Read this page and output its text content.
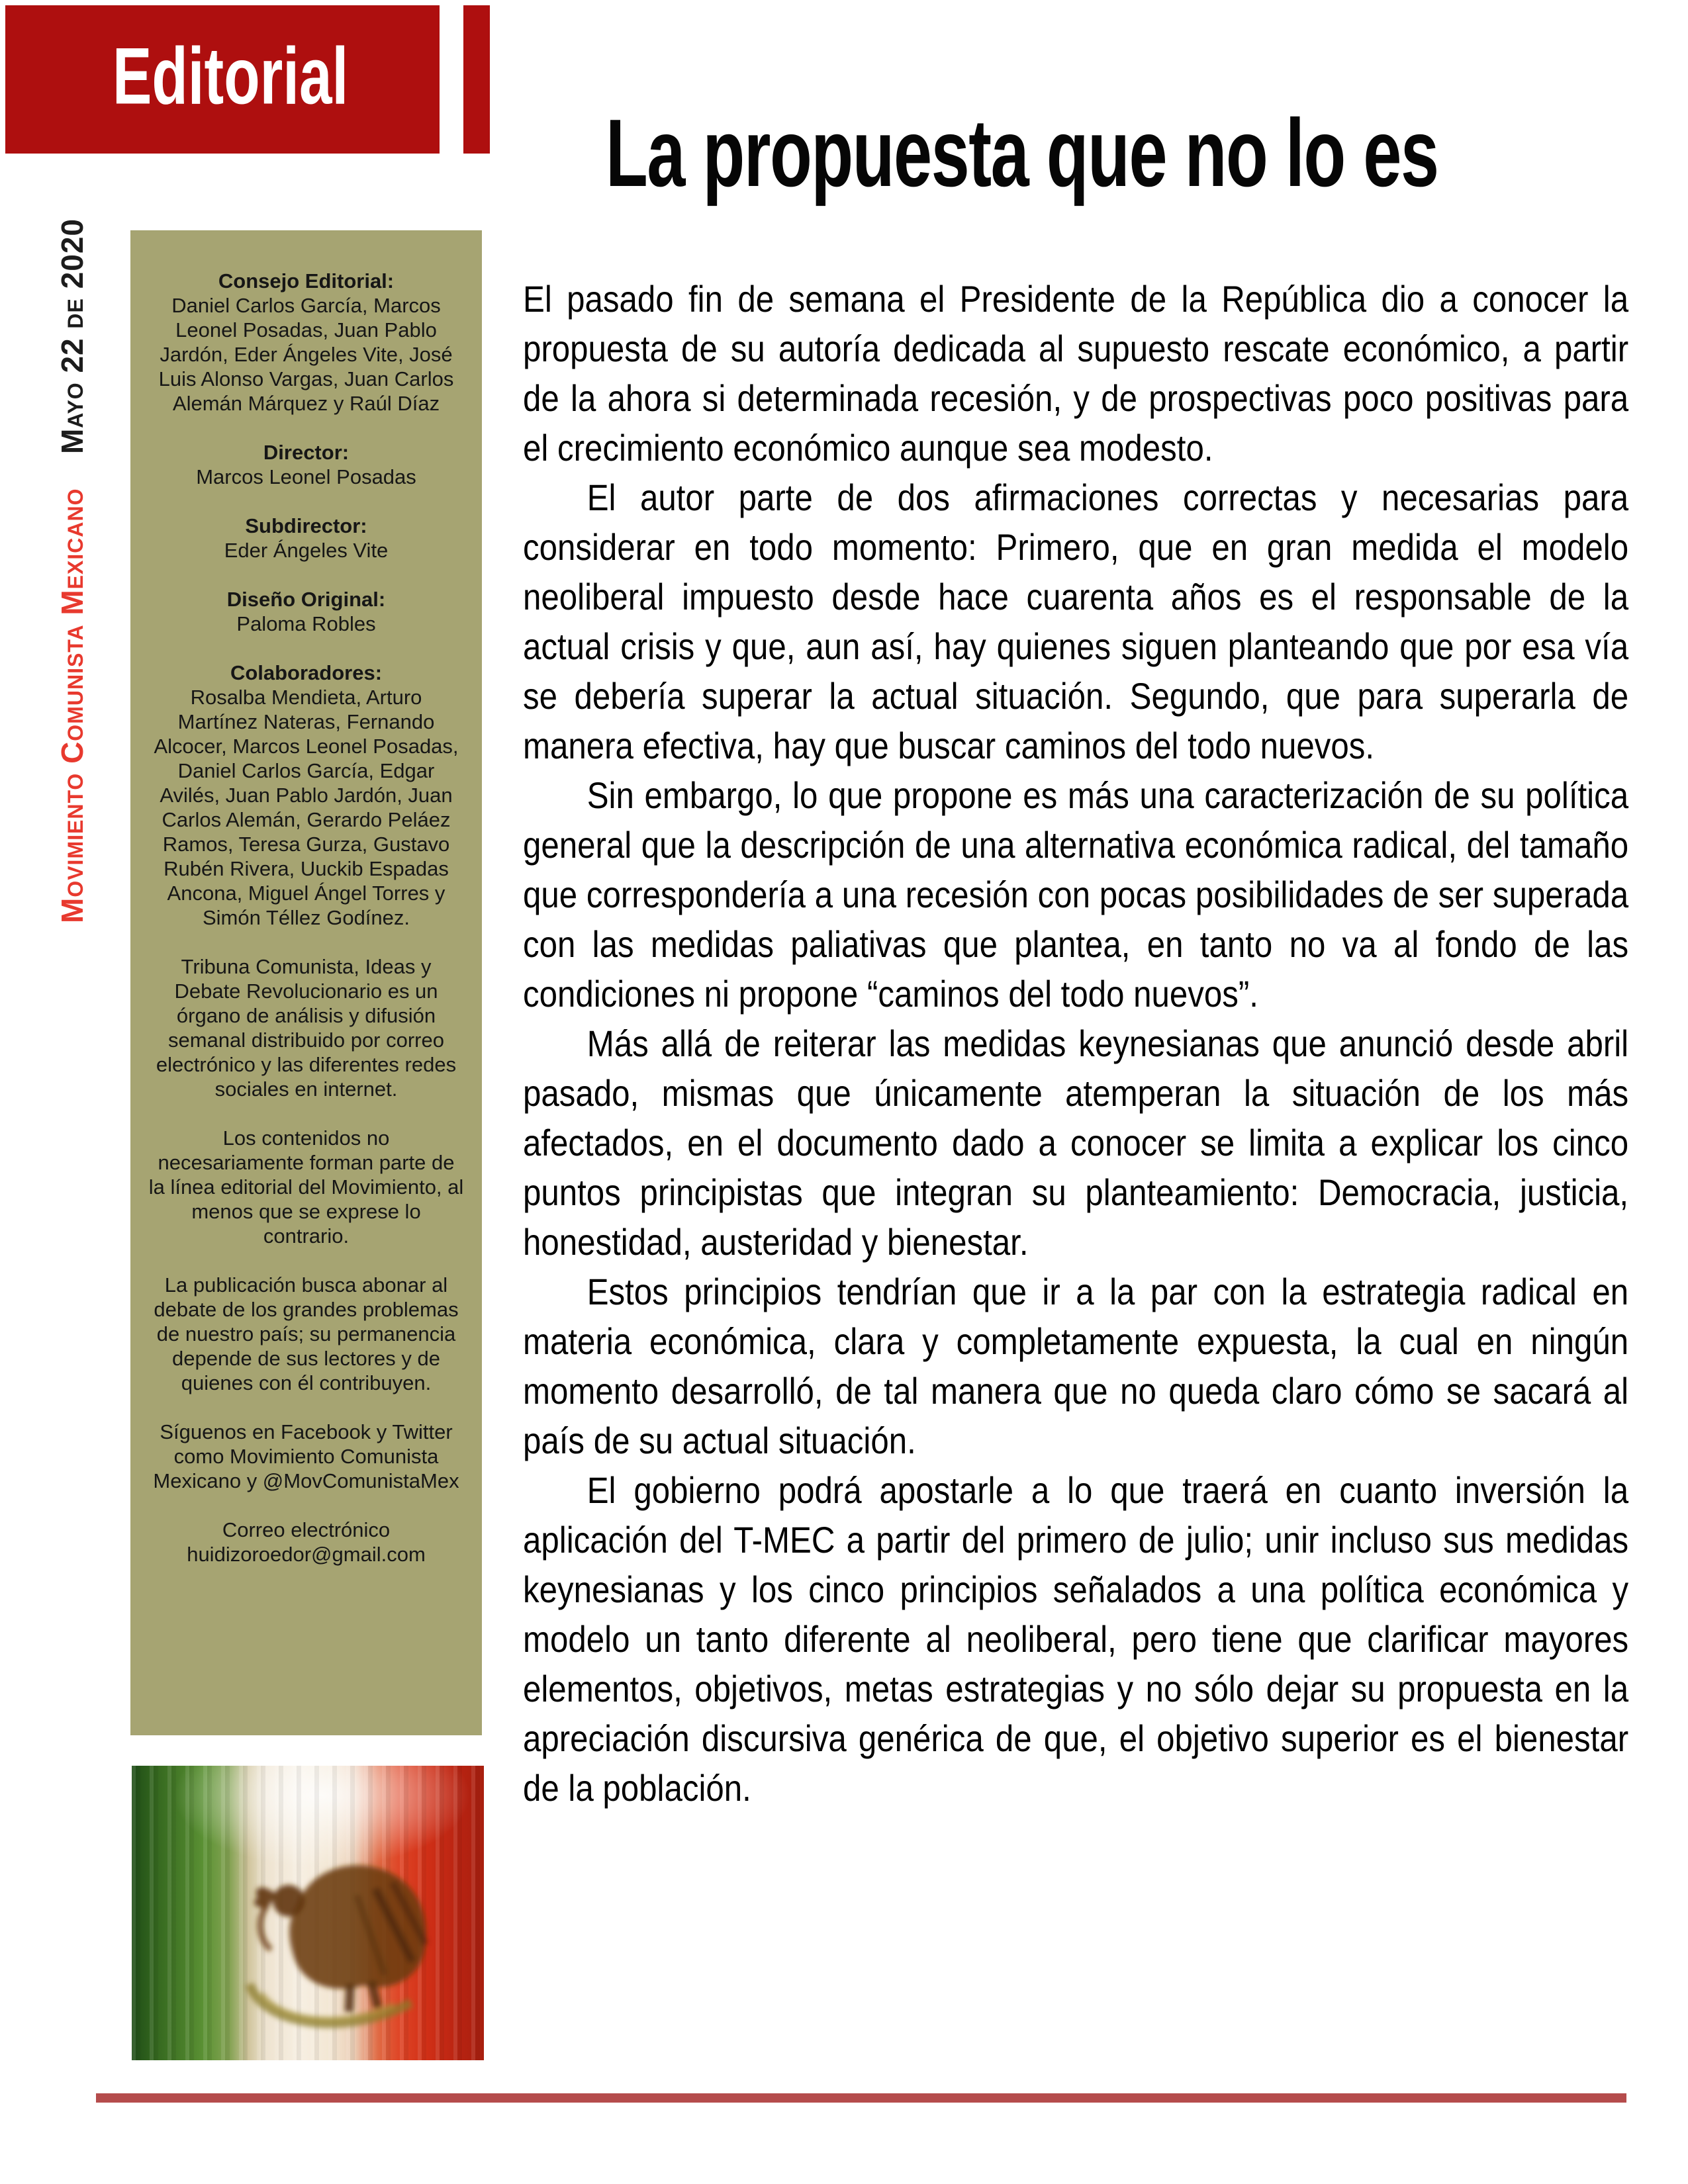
Editorial
La propuesta que no lo es
Movimiento Comunista Mexicano
Mayo 22 de 2020	Consejo Editorial:
Daniel Carlos García, Marcos Leonel Posadas, Juan Pablo Jardón, Eder Ángeles Vite, José Luis Alonso Vargas, Juan Carlos Alemán Márquez y Raúl Díaz
Director:
Marcos Leonel Posadas
Subdirector:
Eder Ángeles Vite
Diseño Original:
Paloma Robles
Colaboradores:
Rosalba Mendieta, Arturo Martínez Nateras, Fernando Alcocer, Marcos Leonel Posadas, Daniel Carlos García, Edgar Avilés, Juan Pablo Jardón, Juan Carlos Alemán, Gerardo Peláez Ramos, Teresa Gurza, Gustavo Rubén Rivera, Uuckib Espadas Ancona, Miguel Ángel Torres y Simón Téllez Godínez.
Tribuna Comunista, Ideas y Debate Revolucionario es un órgano de análisis y difusión semanal distribuido por correo electrónico y las diferentes redes sociales en internet.
Los contenidos no necesariamente forman parte de la línea editorial del Movimiento, al menos que se exprese lo contrario.
La publicación busca abonar al debate de los grandes problemas de nuestro país; su permanencia depende de sus lectores y de quienes con él contribuyen.
Síguenos en Facebook y Twitter como Movimiento Comunista Mexicano y @MovComunistaMex
Correo electrónico huidizoroedor@gmail.com

El pasado fin de semana el Presidente de la República dio a conocer la propuesta de su autoría dedicada al supuesto rescate económico, a partir de la ahora si determinada recesión, y de prospectivas poco positivas para el crecimiento económico aunque sea modesto.

El autor parte de dos afirmaciones correctas y necesarias para considerar en todo momento: Primero, que en gran medida el modelo neoliberal impuesto desde hace cuarenta años es el responsable de la actual crisis y que, aun así, hay quienes siguen planteando que por esa vía se debería superar la actual situación. Segundo, que para superarla de manera efectiva, hay que buscar caminos del todo nuevos.

Sin embargo, lo que propone es más una caracterización de su política general que la descripción de una alternativa económica radical, del tamaño que correspondería a una recesión con pocas posibilidades de ser superada con las medidas paliativas que plantea, en tanto no va al fondo de las condiciones ni propone “caminos del todo nuevos”.

Más allá de reiterar las medidas keynesianas que anunció desde abril pasado, mismas que únicamente atemperan la situación de los más afectados, en el documento dado a conocer se limita a explicar los cinco puntos principistas que integran su planteamiento: Democracia, justicia, honestidad, austeridad y bienestar.

Estos principios tendrían que ir a la par con la estrategia radical en materia económica, clara y completamente expuesta, la cual en ningún momento desarrolló, de tal manera que no queda claro cómo se sacará al país de su actual situación.

El gobierno podrá apostarle a lo que traerá en cuanto inversión la aplicación del T-MEC a partir del primero de julio; unir incluso sus medidas keynesianas y los cinco principios señalados a una política económica y modelo un tanto diferente al neoliberal, pero tiene que clarificar mayores elementos, objetivos, metas estrategias y no sólo dejar su propuesta en la apreciación discursiva genérica de que, el objetivo superior es el bienestar de la población.
